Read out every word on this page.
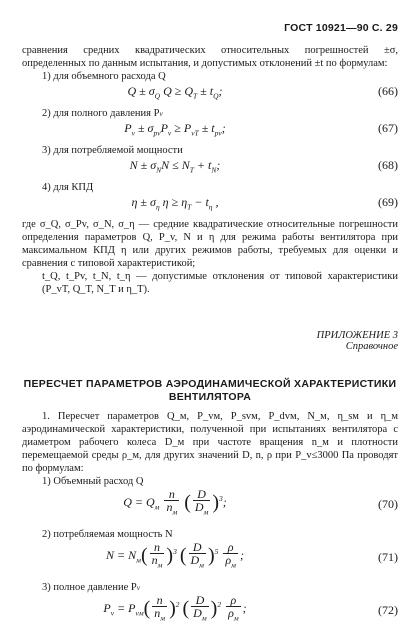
ГОСТ 10921—90 С. 29

сравнения средних квадратических относительных погрешностей ±σ, определенных по данным испытания, и допустимых отклонений ±t по формулам:

1) для объемного расхода Q

$Q \pm \sigma_Q$ $Q \ge Q_T \pm t_Q$;	(66)

2) для полного давления Pv

$P_v \pm \sigma_{pv}P_v \ge P_{vT} \pm t_{pv}$;	(67)

3) для потребляемой мощности

$N \pm \sigma_NN \le N_T + t_N$;	(68)

4) для КПД

$\eta \pm \sigma_\eta$ $\eta \ge \eta_T - t_\eta$ ,	(69)

где σ_Q, σ_Pv, σ_N, σ_η — средние квадратические относительные погрешности определения параметров Q, P_v, N и η для режима работы вентилятора при максимальном КПД η или других режимов работы, требуемых для оценки и сравнения с типовой характеристикой;

t_Q, t_Pv, t_N, t_η — допустимые отклонения от типовой характеристики (P_vT, Q_T, N_T и η_T).

ПРИЛОЖЕНИЕ 3
Справочное
ПЕРЕСЧЕТ ПАРАМЕТРОВ АЭРОДИНАМИЧЕСКОЙ ХАРАКТЕРИСТИКИ ВЕНТИЛЯТОРА

1. Пересчет параметров Q_м, P_vм, P_svм, P_dvм, N_м, η_sм и η_м аэродинамической характеристики, полученной при испытаниях вентилятора с диаметром рабочего колеса D_м при частоте вращения n_м и плотности перемещаемой среды ρ_м, для других значений D, n, ρ при P_v≤3000 Па проводят по формулам:

1) Объемный расход Q

$Q = Q_м \frac{n}{n_м}$ ( $\frac{D}{D_м} )^3$;	(70)

2) потребляемая мощность N

$N = N_м( \frac{n}{n_м} )^3$ ( $\frac{D}{D_м} )^5 \frac{\rho}{\rho_м}$ ;	(71)

3) полное давление Pv

$P_v = P_{vм}( \frac{n}{n_м} )^2$ ( $\frac{D}{D_м} )^2 \frac{\rho}{\rho_м}$ ;	(72)
